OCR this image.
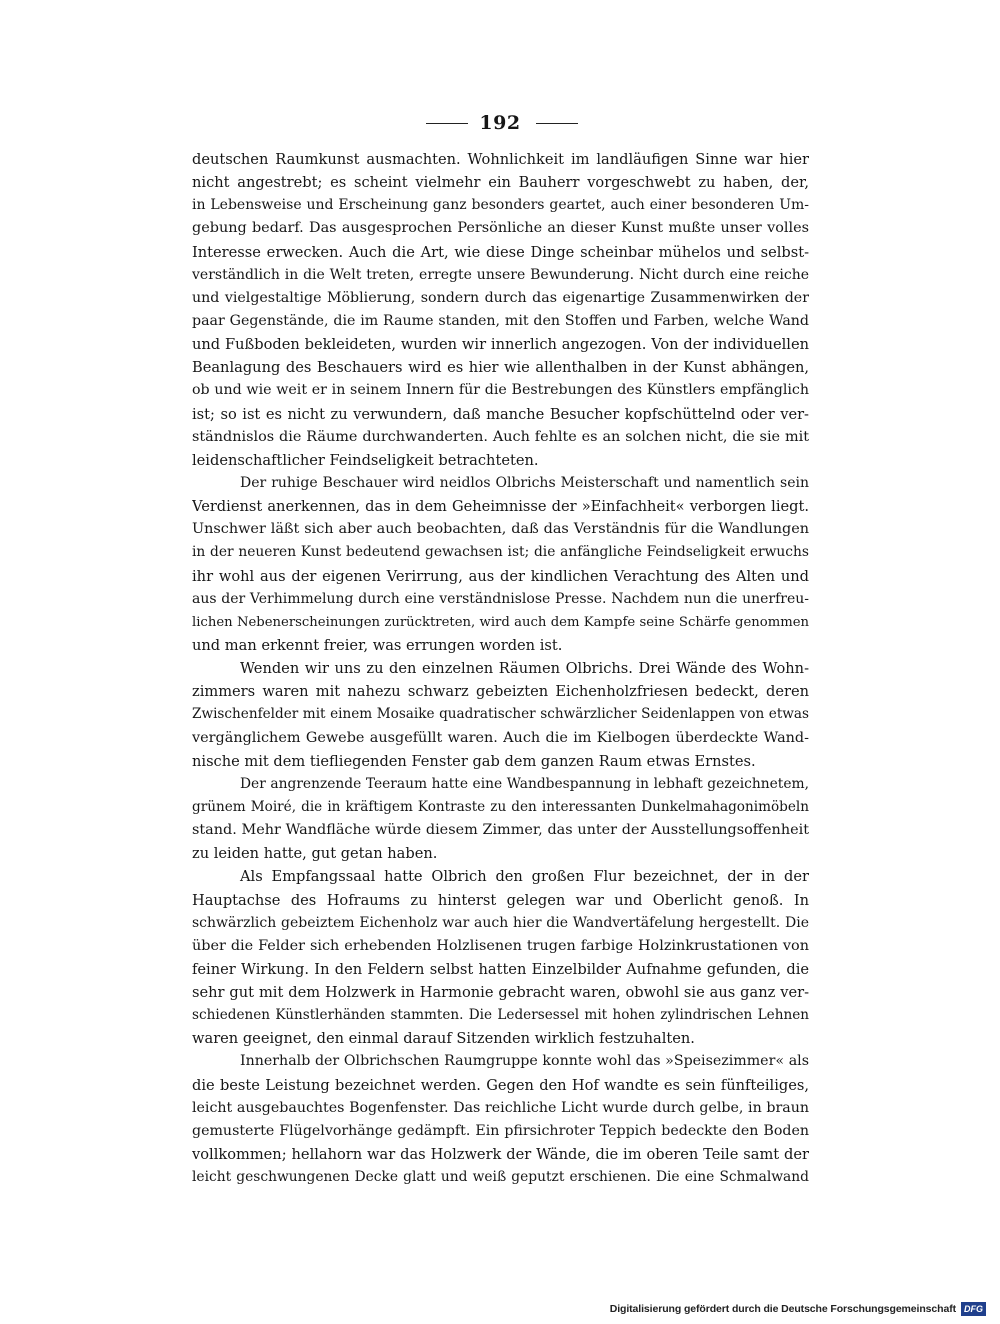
192
deutschen Raumkunst ausmachten. Wohnlichkeit im landläufigen Sinne war hier
nicht angestrebt; es scheint vielmehr ein Bauherr vorgeschwebt zu haben, der,
in Lebensweise und Erscheinung ganz besonders geartet, auch einer besonderen Um-
gebung bedarf. Das ausgesprochen Persönliche an dieser Kunst mußte unser volles
Interesse erwecken. Auch die Art, wie diese Dinge scheinbar mühelos und selbst-
verständlich in die Welt treten, erregte unsere Bewunderung. Nicht durch eine reiche
und vielgestaltige Möblierung, sondern durch das eigenartige Zusammenwirken der
paar Gegenstände, die im Raume standen, mit den Stoffen und Farben, welche Wand
und Fußboden bekleideten, wurden wir innerlich angezogen. Von der individuellen
Beanlagung des Beschauers wird es hier wie allenthalben in der Kunst abhängen,
ob und wie weit er in seinem Innern für die Bestrebungen des Künstlers empfänglich
ist; so ist es nicht zu verwundern, daß manche Besucher kopfschüttelnd oder ver-
ständnislos die Räume durchwanderten. Auch fehlte es an solchen nicht, die sie mit
leidenschaftlicher Feindseligkeit betrachteten.
Der ruhige Beschauer wird neidlos Olbrichs Meisterschaft und namentlich sein
Verdienst anerkennen, das in dem Geheimnisse der »Einfachheit« verborgen liegt.
Unschwer läßt sich aber auch beobachten, daß das Verständnis für die Wandlungen
in der neueren Kunst bedeutend gewachsen ist; die anfängliche Feindseligkeit erwuchs
ihr wohl aus der eigenen Verirrung, aus der kindlichen Verachtung des Alten und
aus der Verhimmelung durch eine verständnislose Presse. Nachdem nun die unerfreu-
lichen Nebenerscheinungen zurücktreten, wird auch dem Kampfe seine Schärfe genommen
und man erkennt freier, was errungen worden ist.
Wenden wir uns zu den einzelnen Räumen Olbrichs. Drei Wände des Wohn-
zimmers waren mit nahezu schwarz gebeizten Eichenholzfriesen bedeckt, deren
Zwischenfelder mit einem Mosaike quadratischer schwärzlicher Seidenlappen von etwas
vergänglichem Gewebe ausgefüllt waren. Auch die im Kielbogen überdeckte Wand-
nische mit dem tiefliegenden Fenster gab dem ganzen Raum etwas Ernstes.
Der angrenzende Teeraum hatte eine Wandbespannung in lebhaft gezeichnetem,
grünem Moiré, die in kräftigem Kontraste zu den interessanten Dunkelmahagonimöbeln
stand. Mehr Wandfläche würde diesem Zimmer, das unter der Ausstellungsoffenheit
zu leiden hatte, gut getan haben.
Als Empfangssaal hatte Olbrich den großen Flur bezeichnet, der in der
Hauptachse des Hofraums zu hinterst gelegen war und Oberlicht genoß. In
schwärzlich gebeiztem Eichenholz war auch hier die Wandvertäfelung hergestellt. Die
über die Felder sich erhebenden Holzlisenen trugen farbige Holzinkrustationen von
feiner Wirkung. In den Feldern selbst hatten Einzelbilder Aufnahme gefunden, die
sehr gut mit dem Holzwerk in Harmonie gebracht waren, obwohl sie aus ganz ver-
schiedenen Künstlerhänden stammten. Die Ledersessel mit hohen zylindrischen Lehnen
waren geeignet, den einmal darauf Sitzenden wirklich festzuhalten.
Innerhalb der Olbrichschen Raumgruppe konnte wohl das »Speisezimmer« als
die beste Leistung bezeichnet werden. Gegen den Hof wandte es sein fünfteiliges,
leicht ausgebauchtes Bogenfenster. Das reichliche Licht wurde durch gelbe, in braun
gemusterte Flügelvorhänge gedämpft. Ein pfirsichroter Teppich bedeckte den Boden
vollkommen; hellahorn war das Holzwerk der Wände, die im oberen Teile samt der
leicht geschwungenen Decke glatt und weiß geputzt erschienen. Die eine Schmalwand
Digitalisierung gefördert durch die Deutsche Forschungsgemeinschaft DFG
